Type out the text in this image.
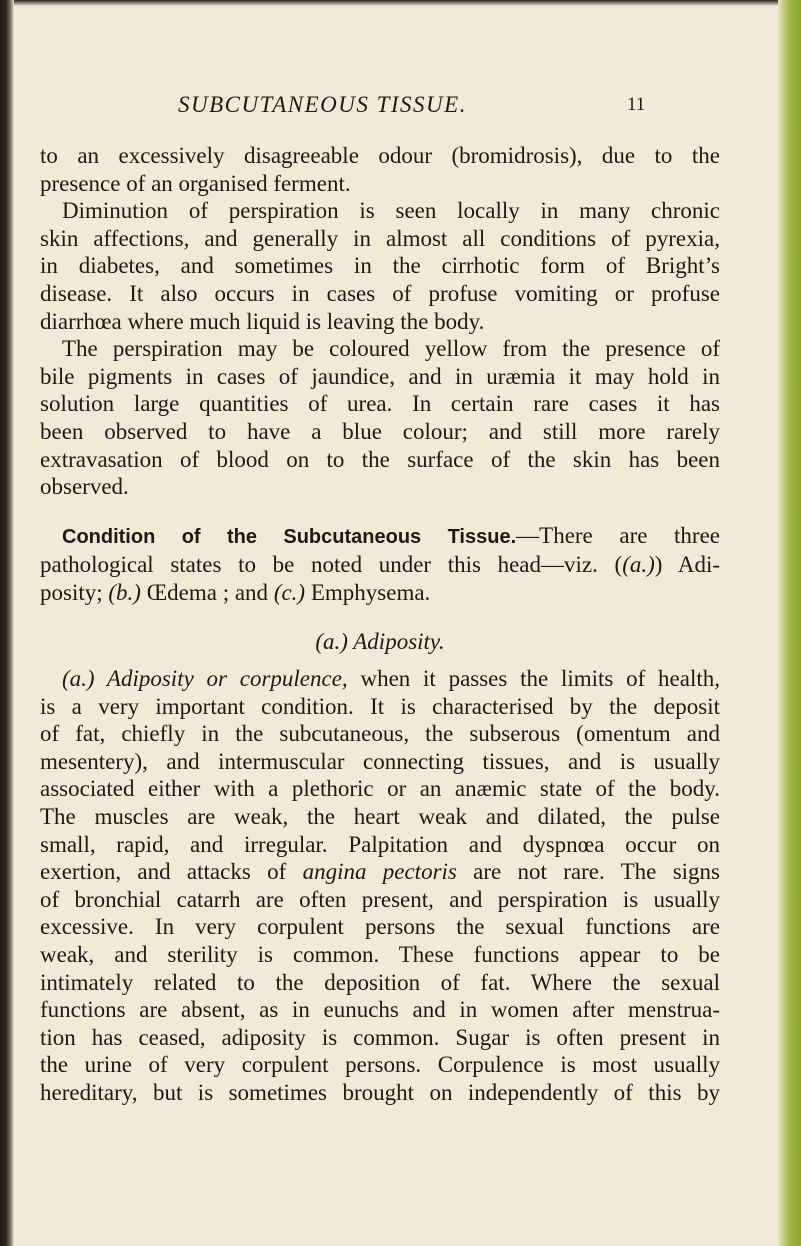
SUBCUTANEOUS TISSUE.	11
to an excessively disagreeable odour (bromidrosis), due to the
presence of an organised ferment.
Diminution of perspiration is seen locally in many chronic
skin affections, and generally in almost all conditions of pyrexia,
in diabetes, and sometimes in the cirrhotic form of Bright’s
disease. It also occurs in cases of profuse vomiting or profuse
diarrhœa where much liquid is leaving the body.
The perspiration may be coloured yellow from the presence of
bile pigments in cases of jaundice, and in uræmia it may hold in
solution large quantities of urea. In certain rare cases it has
been observed to have a blue colour; and still more rarely
extravasation of blood on to the surface of the skin has been
observed.
Condition of the Subcutaneous Tissue.—There are three
pathological states to be noted under this head—viz. ((a.)) Adi-
posity; (b.) Œdema ; and (c.) Emphysema.
(a.) Adiposity.
(a.) Adiposity or corpulence, when it passes the limits of health,
is a very important condition. It is characterised by the deposit
of fat, chiefly in the subcutaneous, the subserous (omentum and
mesentery), and intermuscular connecting tissues, and is usually
associated either with a plethoric or an anæmic state of the body.
The muscles are weak, the heart weak and dilated, the pulse
small, rapid, and irregular. Palpitation and dyspnœa occur on
exertion, and attacks of angina pectoris are not rare. The signs
of bronchial catarrh are often present, and perspiration is usually
excessive. In very corpulent persons the sexual functions are
weak, and sterility is common. These functions appear to be
intimately related to the deposition of fat. Where the sexual
functions are absent, as in eunuchs and in women after menstrua-
tion has ceased, adiposity is common. Sugar is often present in
the urine of very corpulent persons. Corpulence is most usually
hereditary, but is sometimes brought on independently of this by
